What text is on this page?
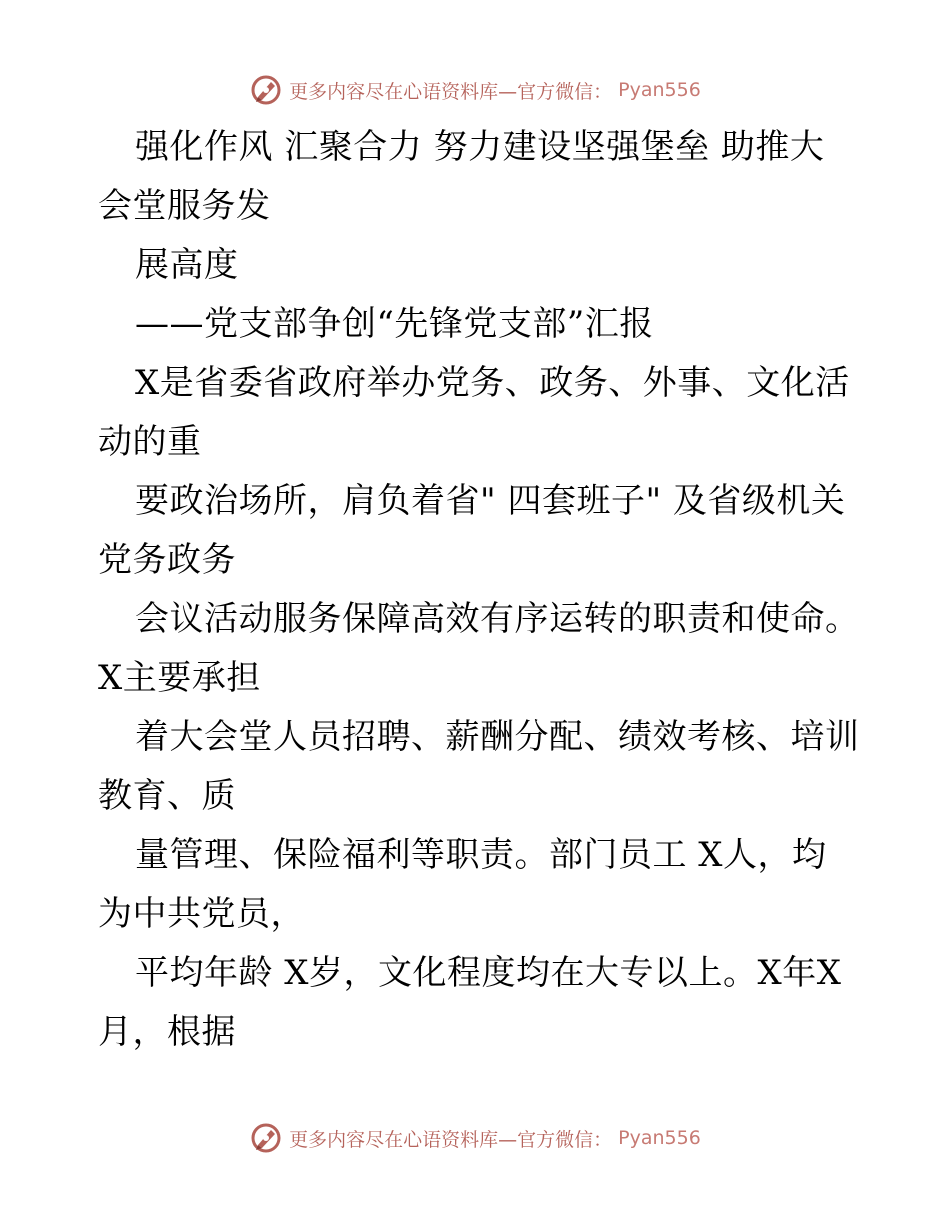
更多内容尽在心语资料库—官方微信： Pyan556
强化作风 汇聚合力 努力建设坚强堡垒 助推大
会堂服务发
展高度
——党支部争创“先锋党支部”汇报
X是省委省政府举办党务、政务、外事、文化活
动的重
要政治场所，肩负着省" 四套班子" 及省级机关
党务政务
会议活动服务保障高效有序运转的职责和使命。
X主要承担
着大会堂人员招聘、薪酬分配、绩效考核、培训
教育、质
量管理、保险福利等职责。部门员工 X人，均
为中共党员，
平均年龄 X岁，文化程度均在大专以上。X年X
月，根据
更多内容尽在心语资料库—官方微信： Pyan556
